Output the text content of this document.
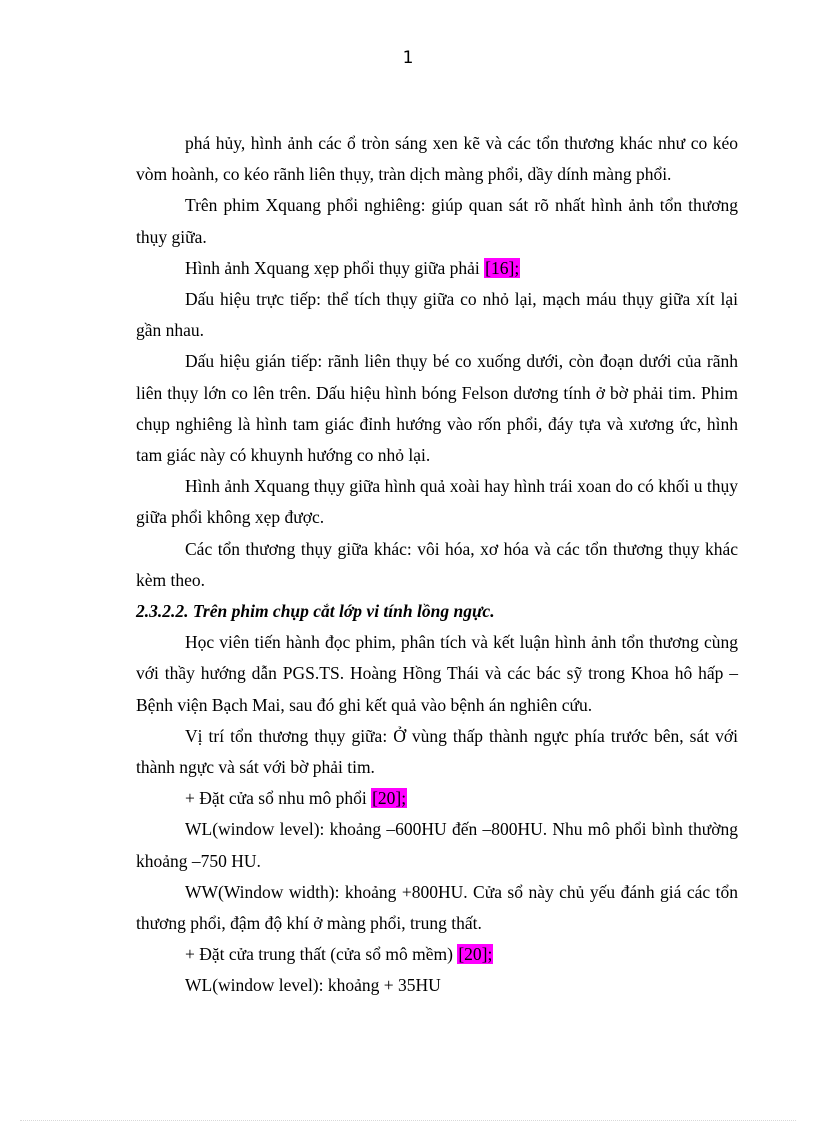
1

phá hủy, hình ảnh các ổ tròn sáng xen kẽ và các tổn thương khác như co kéo vòm hoành, co kéo rãnh liên thụy, tràn dịch màng phổi, dầy dính màng phổi.

Trên phim Xquang phổi nghiêng: giúp quan sát rõ nhất hình ảnh tổn thương thụy giữa.

Hình ảnh Xquang xẹp phổi thụy giữa phải [16];

Dấu hiệu trực tiếp: thể tích thụy giữa co nhỏ lại, mạch máu thụy giữa xít lại gần nhau.

Dấu hiệu gián tiếp: rãnh liên thụy bé co xuống dưới, còn đoạn dưới của rãnh liên thụy lớn co lên trên. Dấu hiệu hình bóng Felson dương tính ở bờ phải tim. Phim chụp nghiêng là hình tam giác đỉnh hướng vào rốn phổi, đáy tựa và xương ức, hình tam giác này có khuynh hướng co nhỏ lại.

Hình ảnh Xquang thụy giữa hình quả xoài hay hình trái xoan do có khối u thụy giữa phổi không xẹp được.

Các tổn thương thụy giữa khác: vôi hóa, xơ hóa và các tổn thương thụy khác kèm theo.

2.3.2.2. Trên phim chụp cắt lớp vi tính lồng ngực.

Học viên tiến hành đọc phim, phân tích và kết luận hình ảnh tổn thương cùng với thầy hướng dẫn PGS.TS. Hoàng Hồng Thái và các bác sỹ trong Khoa hô hấp – Bệnh viện Bạch Mai, sau đó ghi kết quả vào bệnh án nghiên cứu.

Vị trí tổn thương thụy giữa: Ở vùng thấp thành ngực phía trước bên, sát với thành ngực và sát với bờ phải tim.

+ Đặt cửa sổ nhu mô phổi [20];

WL(window level): khoảng –600HU đến –800HU. Nhu mô phổi bình thường khoảng –750 HU.

WW(Window width): khoảng +800HU. Cửa sổ này chủ yếu đánh giá các tổn thương phổi, đậm độ khí ở màng phổi, trung thất.

+ Đặt cửa trung thất (cửa sổ mô mềm) [20];

WL(window level): khoảng + 35HU
